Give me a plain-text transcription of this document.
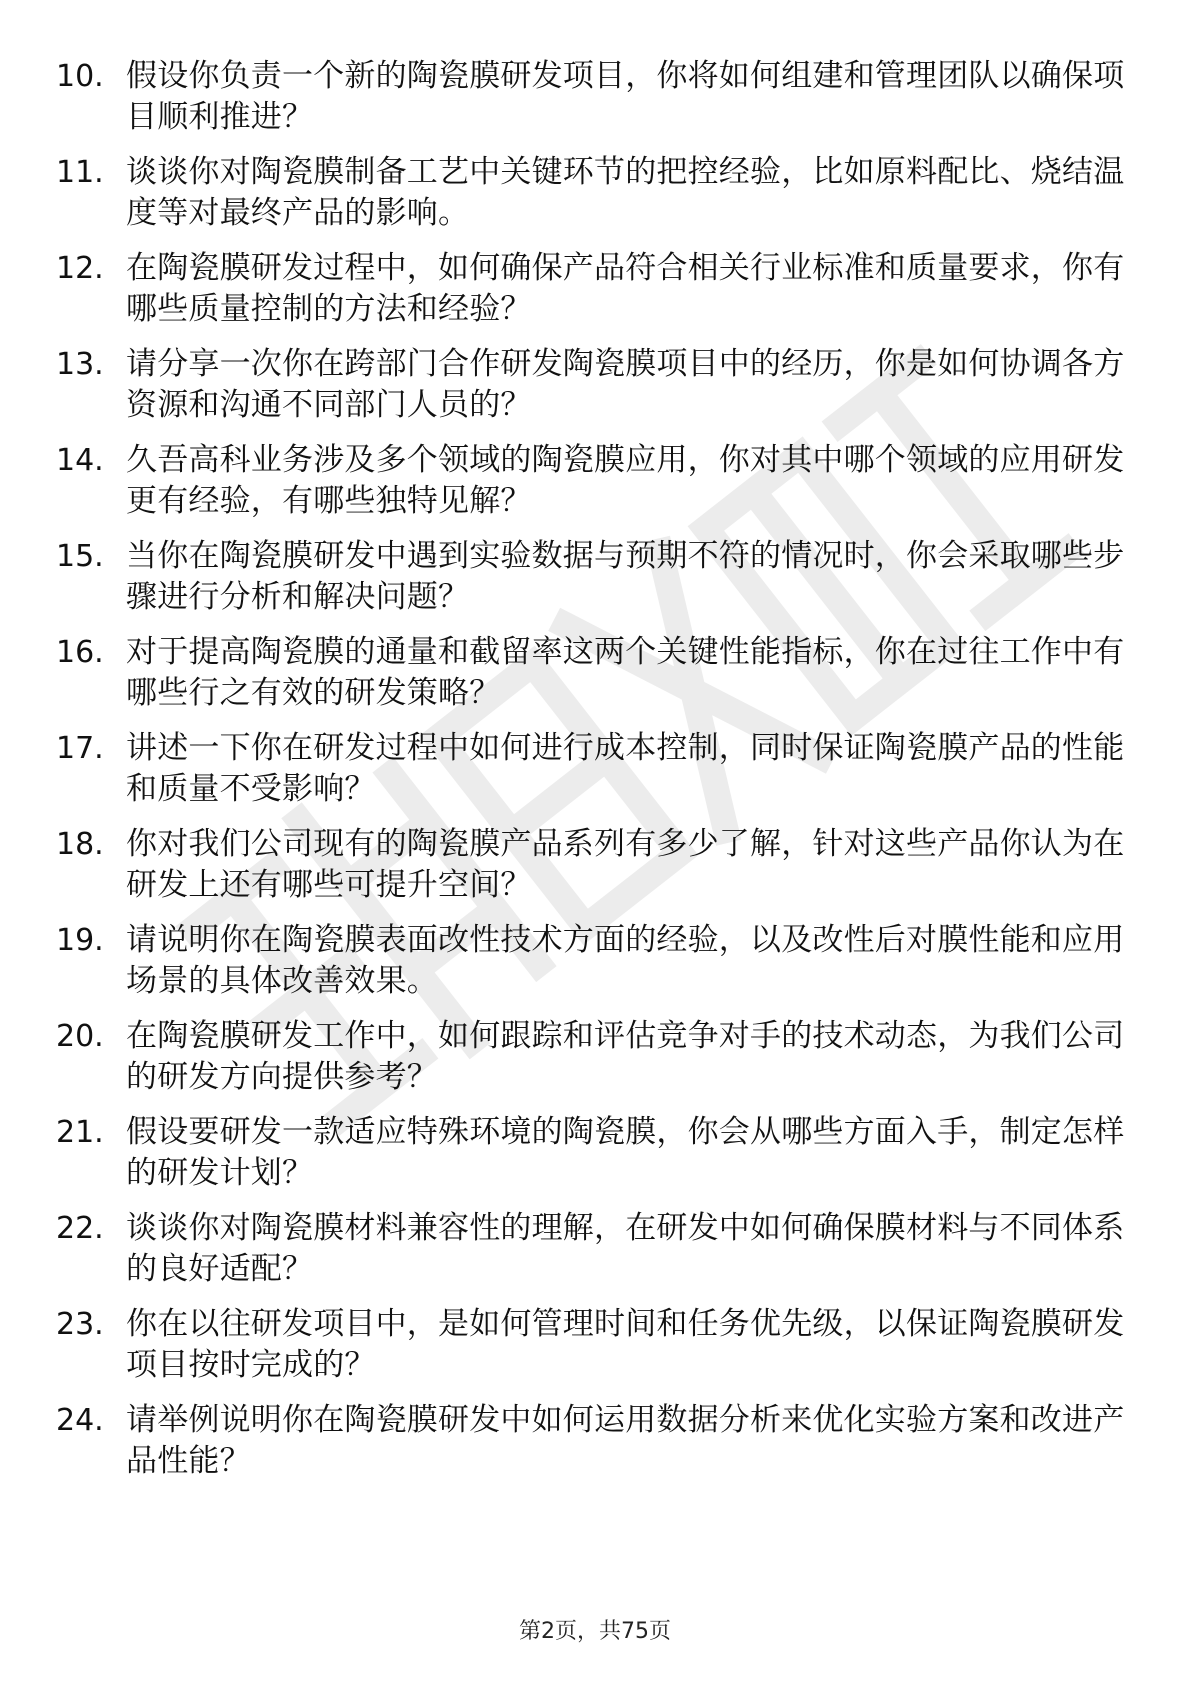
10. 假设你负责一个新的陶瓷膜研发项目，你将如何组建和管理团队以确保项目顺利推进？
11. 谈谈你对陶瓷膜制备工艺中关键环节的把控经验，比如原料配比、烧结温度等对最终产品的影响。
12. 在陶瓷膜研发过程中，如何确保产品符合相关行业标准和质量要求，你有哪些质量控制的方法和经验？
13. 请分享一次你在跨部门合作研发陶瓷膜项目中的经历，你是如何协调各方资源和沟通不同部门人员的？
14. 久吾高科业务涉及多个领域的陶瓷膜应用，你对其中哪个领域的应用研发更有经验，有哪些独特见解？
15. 当你在陶瓷膜研发中遇到实验数据与预期不符的情况时，你会采取哪些步骤进行分析和解决问题？
16. 对于提高陶瓷膜的通量和截留率这两个关键性能指标，你在过往工作中有哪些行之有效的研发策略？
17. 讲述一下你在研发过程中如何进行成本控制，同时保证陶瓷膜产品的性能和质量不受影响？
18. 你对我们公司现有的陶瓷膜产品系列有多少了解，针对这些产品你认为在研发上还有哪些可提升空间？
19. 请说明你在陶瓷膜表面改性技术方面的经验，以及改性后对膜性能和应用场景的具体改善效果。
20. 在陶瓷膜研发工作中，如何跟踪和评估竞争对手的技术动态，为我们公司的研发方向提供参考？
21. 假设要研发一款适应特殊环境的陶瓷膜，你会从哪些方面入手，制定怎样的研发计划？
22. 谈谈你对陶瓷膜材料兼容性的理解，在研发中如何确保膜材料与不同体系的良好适配？
23. 你在以往研发项目中，是如何管理时间和任务优先级，以保证陶瓷膜研发项目按时完成的？
24. 请举例说明你在陶瓷膜研发中如何运用数据分析来优化实验方案和改进产品性能？
第2页，共75页
